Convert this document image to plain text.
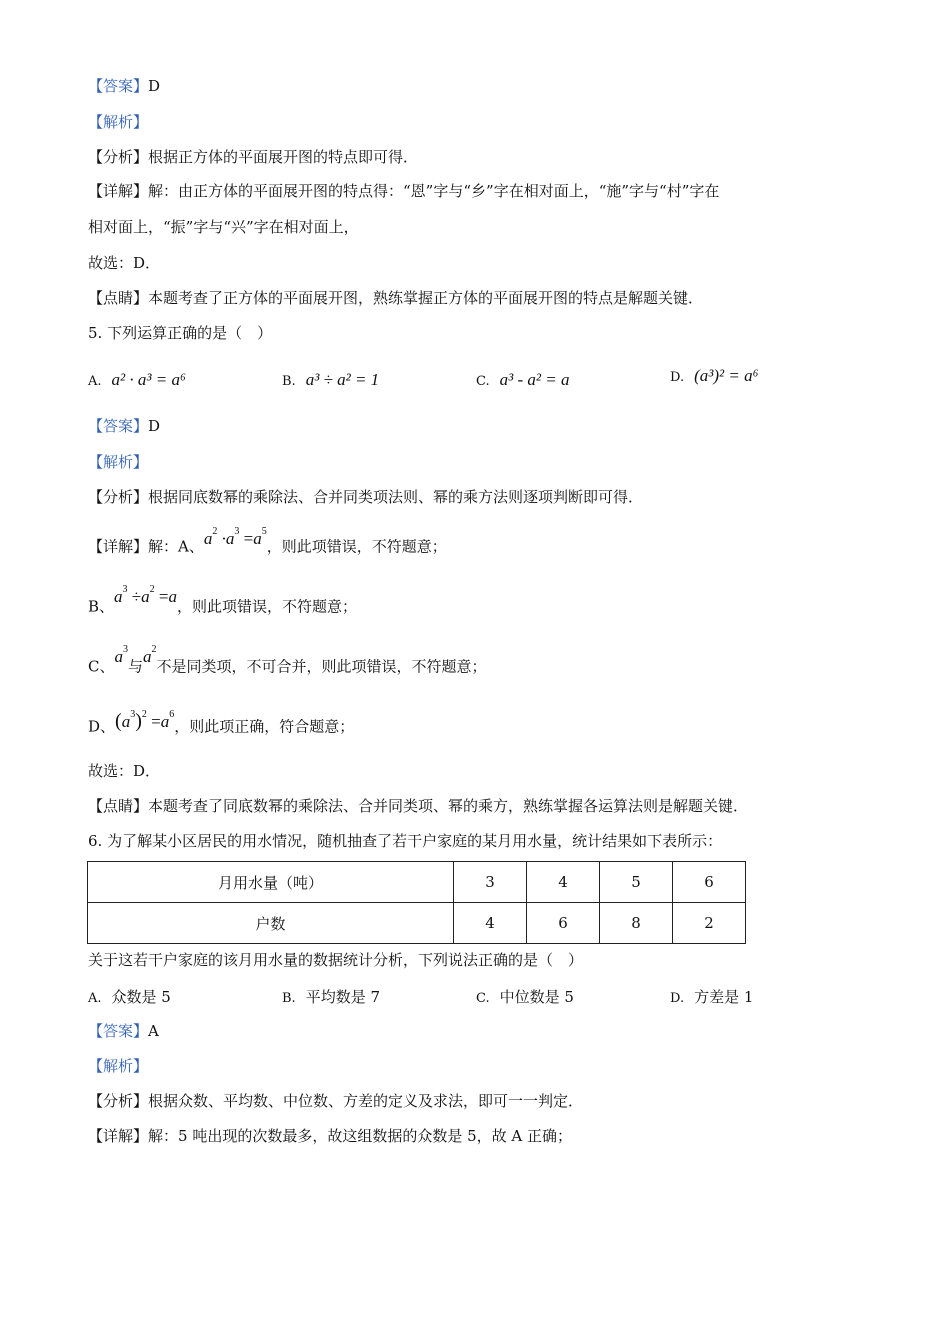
【答案】D
【解析】
【分析】根据正方体的平面展开图的特点即可得．
【详解】解：由正方体的平面展开图的特点得：“恩”字与“乡”字在相对面上，“施”字与“村”字在
相对面上，“振”字与“兴”字在相对面上，
故选：D．
【点睛】本题考查了正方体的平面展开图，熟练掌握正方体的平面展开图的特点是解题关键．
5. 下列运算正确的是（　）
A. a² · a³ = a⁶	B. a³ ÷ a² = 1	C. a³ - a² = a	D. (a³)² = a⁶
【答案】D
【解析】
【分析】根据同底数幂的乘除法、合并同类项法则、幂的乘方法则逐项判断即可得．
【详解】解：A、$a^2 \cdot a^3 =a^5$，则此项错误，不符题意；
B、$a^3 \div a^2 =a$，则此项错误，不符题意；
C、$a^3$与$a^2$不是同类项，不可合并，则此项错误，不符题意；
D、$(a^3)^2 =a^6$，则此项正确，符合题意；
故选：D．
【点睛】本题考查了同底数幂的乘除法、合并同类项、幂的乘方，熟练掌握各运算法则是解题关键．
6. 为了解某小区居民的用水情况，随机抽查了若干户家庭的某月用水量，统计结果如下表所示：
月用水量（吨）	3	4	5	6
户数	4	6	8	2
关于这若干户家庭的该月用水量的数据统计分析，下列说法正确的是（　）
A. 众数是 5	B. 平均数是 7	C. 中位数是 5	D. 方差是 1
【答案】A
【解析】
【分析】根据众数、平均数、中位数、方差的定义及求法，即可一一判定．
【详解】解：5 吨出现的次数最多，故这组数据的众数是 5，故 A 正确；
